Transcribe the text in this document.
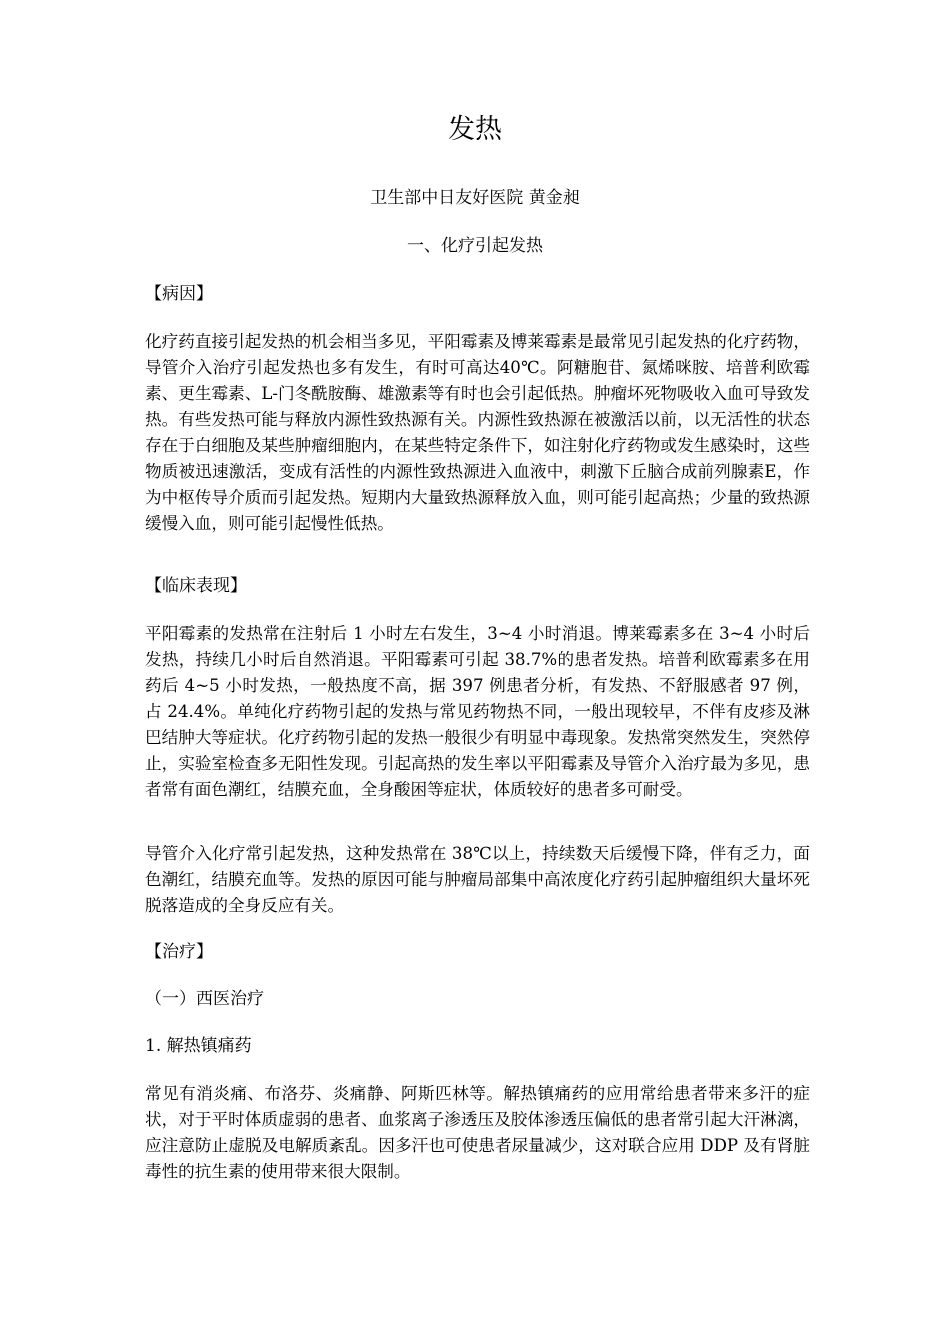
发热

卫生部中日友好医院 黄金昶

一、化疗引起发热
【病因】

化疗药直接引起发热的机会相当多见，平阳霉素及博莱霉素是最常见引起发热的化疗药物，导管介入治疗引起发热也多有发生，有时可高达40℃。阿糖胞苷、氮烯咪胺、培普利欧霉素、更生霉素、L-门冬酰胺酶、雄激素等有时也会引起低热。肿瘤坏死物吸收入血可导致发热。有些发热可能与释放内源性致热源有关。内源性致热源在被激活以前，以无活性的状态存在于白细胞及某些肿瘤细胞内，在某些特定条件下，如注射化疗药物或发生感染时，这些物质被迅速激活，变成有活性的内源性致热源进入血液中，刺激下丘脑合成前列腺素E，作为中枢传导介质而引起发热。短期内大量致热源释放入血，则可能引起高热；少量的致热源缓慢入血，则可能引起慢性低热。

【临床表现】

平阳霉素的发热常在注射后 1 小时左右发生，3~4 小时消退。博莱霉素多在 3~4 小时后发热，持续几小时后自然消退。平阳霉素可引起 38.7%的患者发热。培普利欧霉素多在用药后 4~5 小时发热，一般热度不高，据 397 例患者分析，有发热、不舒服感者 97 例，占 24.4%。单纯化疗药物引起的发热与常见药物热不同，一般出现较早，不伴有皮疹及淋巴结肿大等症状。化疗药物引起的发热一般很少有明显中毒现象。发热常突然发生，突然停止，实验室检查多无阳性发现。引起高热的发生率以平阳霉素及导管介入治疗最为多见，患者常有面色潮红，结膜充血，全身酸困等症状，体质较好的患者多可耐受。

导管介入化疗常引起发热，这种发热常在 38℃以上，持续数天后缓慢下降，伴有乏力，面色潮红，结膜充血等。发热的原因可能与肿瘤局部集中高浓度化疗药引起肿瘤组织大量坏死脱落造成的全身反应有关。

【治疗】

（一）西医治疗

1. 解热镇痛药

常见有消炎痛、布洛芬、炎痛静、阿斯匹林等。解热镇痛药的应用常给患者带来多汗的症状，对于平时体质虚弱的患者、血浆离子渗透压及胶体渗透压偏低的患者常引起大汗淋漓，应注意防止虚脱及电解质紊乱。因多汗也可使患者尿量减少，这对联合应用 DDP 及有肾脏毒性的抗生素的使用带来很大限制。
